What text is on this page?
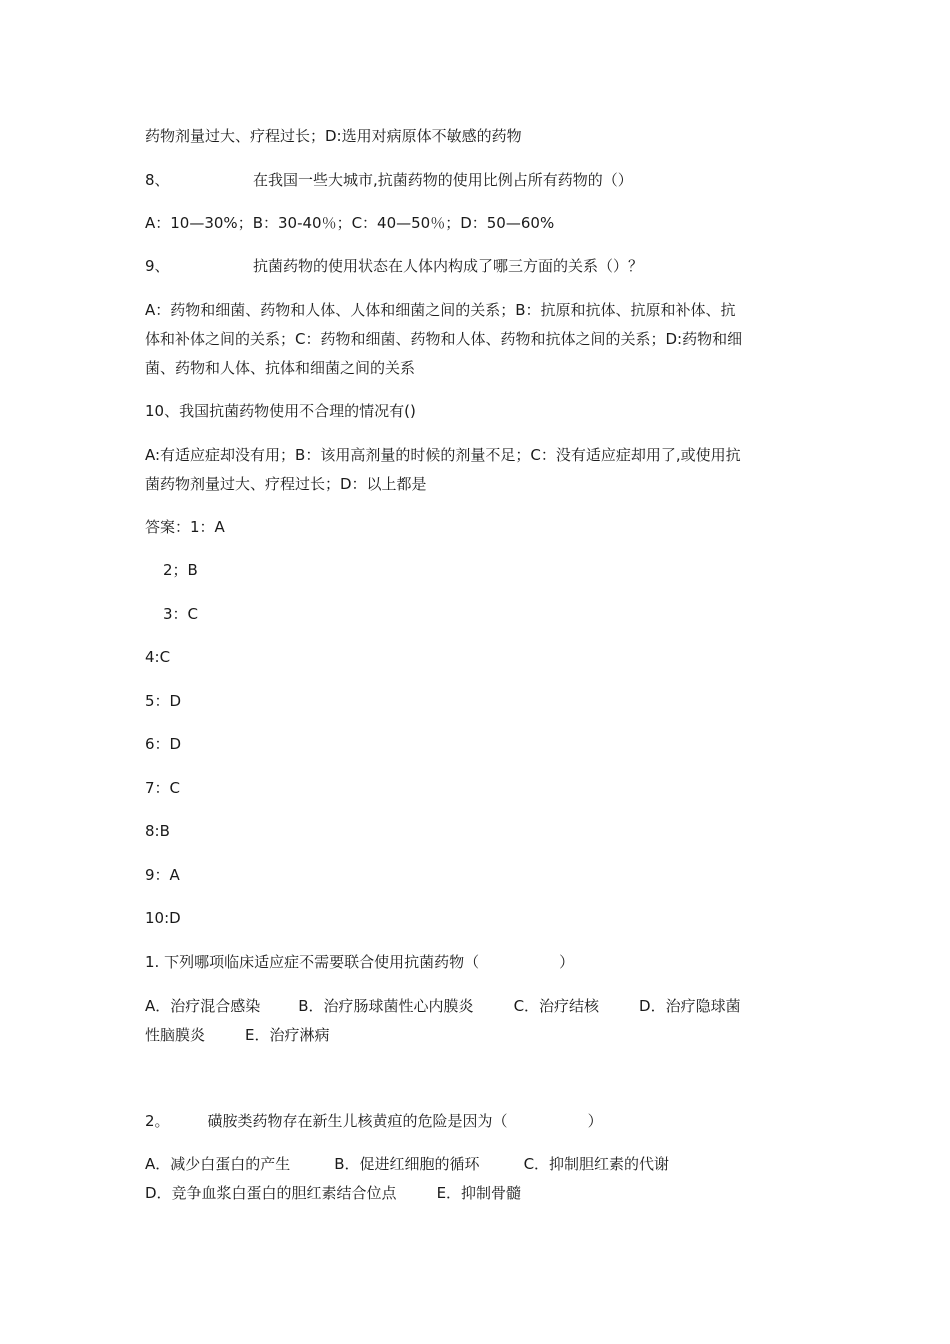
药物剂量过大、疗程过长；D:选用对病原体不敏感的药物
8、	在我国一些大城市,抗菌药物的使用比例占所有药物的（）
A：10—30%；B：30-40％；C：40—50％；D：50—60%
9、	抗菌药物的使用状态在人体内构成了哪三方面的关系（）？
A：药物和细菌、药物和人体、人体和细菌之间的关系；B：抗原和抗体、抗原和补体、抗
体和补体之间的关系；C：药物和细菌、药物和人体、药物和抗体之间的关系；D:药物和细
菌、药物和人体、抗体和细菌之间的关系
10、我国抗菌药物使用不合理的情况有()
A:有适应症却没有用；B：该用高剂量的时候的剂量不足；C：没有适应症却用了,或使用抗
菌药物剂量过大、疗程过长；D：以上都是
答案：1：A
2；B
3：C
4:C
5：D
6：D
7：C
8:B
9：A
10:D
1. 下列哪项临床适应症不需要联合使用抗菌药物（	）
A．治疗混合感染	B．治疗肠球菌性心内膜炎	C．治疗结核	D．治疗隐球菌
性脑膜炎	E．治疗淋病
2。	磺胺类药物存在新生儿核黄疸的危险是因为（	）
A．减少白蛋白的产生	B．促进红细胞的循环	C．抑制胆红素的代谢
D．竞争血浆白蛋白的胆红素结合位点	E．抑制骨髓
